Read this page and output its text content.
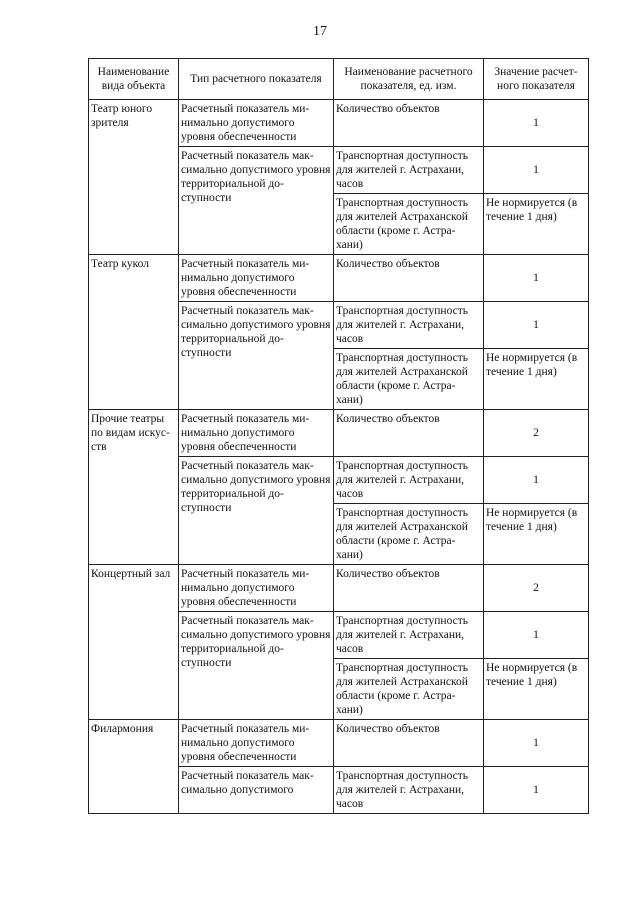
17
Наименование вида объекта	Тип расчетного показателя	Наименование расчетного показателя, ед. изм.	Значение расчет-ного показателя
Театр юного зрителя	Расчетный показатель ми-нимально допустимого уровня обеспеченности	Количество объектов	1
	Расчетный показатель мак-симально допустимого уровня территориальной до-ступности	Транспортная доступность для жителей г. Астрахани, часов	1
		Транспортная доступность для жителей Астраханской области (кроме г. Астра-хани)	Не нормируется (в течение 1 дня)
Театр кукол	Расчетный показатель ми-нимально допустимого уровня обеспеченности	Количество объектов	1
	Расчетный показатель мак-симально допустимого уровня территориальной до-ступности	Транспортная доступность для жителей г. Астрахани, часов	1
		Транспортная доступность для жителей Астраханской области (кроме г. Астра-хани)	Не нормируется (в течение 1 дня)
Прочие театры по видам искус-ств	Расчетный показатель ми-нимально допустимого уровня обеспеченности	Количество объектов	2
	Расчетный показатель мак-симально допустимого уровня территориальной до-ступности	Транспортная доступность для жителей г. Астрахани, часов	1
		Транспортная доступность для жителей Астраханской области (кроме г. Астра-хани)	Не нормируется (в течение 1 дня)
Концертный зал	Расчетный показатель ми-нимально допустимого уровня обеспеченности	Количество объектов	2
	Расчетный показатель мак-симально допустимого уровня территориальной до-ступности	Транспортная доступность для жителей г. Астрахани, часов	1
		Транспортная доступность для жителей Астраханской области (кроме г. Астра-хани)	Не нормируется (в течение 1 дня)
Филармония	Расчетный показатель ми-нимально допустимого уровня обеспеченности	Количество объектов	1
	Расчетный показатель мак-симально допустимого	Транспортная доступность для жителей г. Астрахани, часов	1
